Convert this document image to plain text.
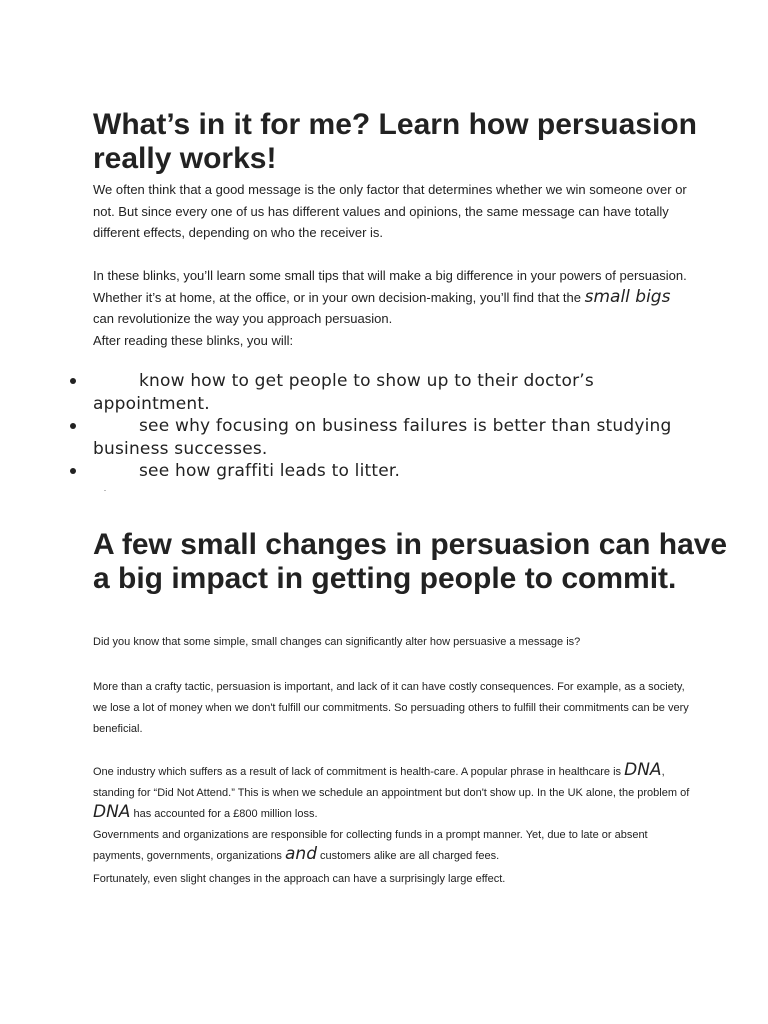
What’s in it for me? Learn how persuasion really works!

We often think that a good message is the only factor that determines whether we win someone over or not. But since every one of us has different values and opinions, the same message can have totally different effects, depending on who the receiver is.

In these blinks, you’ll learn some small tips that will make a big difference in your powers of persuasion. Whether it’s at home, at the office, or in your own decision-making, you’ll find that the small bigs can revolutionize the way you approach persuasion.

After reading these blinks, you will:

know how to get people to show up to their doctor’s appointment.
see why focusing on business failures is better than studying business successes.
see how graffiti leads to litter.
A few small changes in persuasion can have a big impact in getting people to commit.

Did you know that some simple, small changes can significantly alter how persuasive a message is?

More than a crafty tactic, persuasion is important, and lack of it can have costly consequences. For example, as a society, we lose a lot of money when we don't fulfill our commitments. So persuading others to fulfill their commitments can be very beneficial.

One industry which suffers as a result of lack of commitment is health-care. A popular phrase in healthcare is DNA, standing for “Did Not Attend.” This is when we schedule an appointment but don't show up. In the UK alone, the problem of DNA has accounted for a £800 million loss.

Governments and organizations are responsible for collecting funds in a prompt manner. Yet, due to late or absent payments, governments, organizations and customers alike are all charged fees.

Fortunately, even slight changes in the approach can have a surprisingly large effect.
